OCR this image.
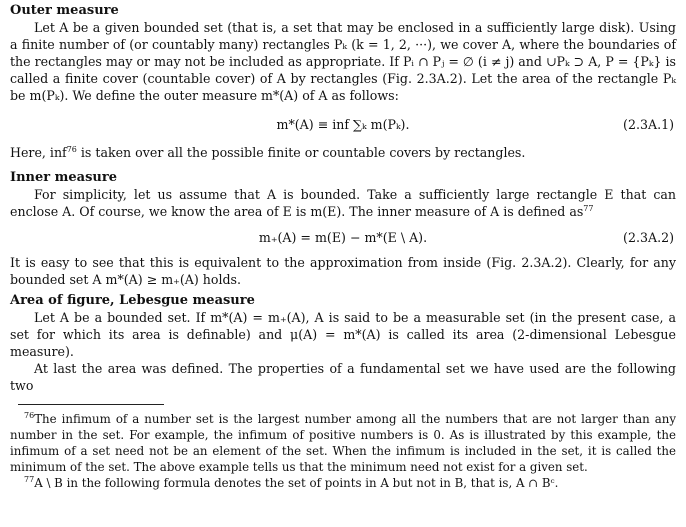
Outer measure

Let A be a given bounded set (that is, a set that may be enclosed in a sufficiently large disk). Using a finite number of (or countably many) rectangles Pₖ (k = 1, 2, ···), we cover A, where the boundaries of the rectangles may or may not be included as appropriate. If Pᵢ ∩ Pⱼ = ∅ (i ≠ j) and ∪Pₖ ⊃ A, P = {Pₖ} is called a finite cover (countable cover) of A by rectangles (Fig. 2.3A.2). Let the area of the rectangle Pₖ be m(Pₖ). We define the outer measure m*(A) of A as follows:

m*(A) ≡ inf ∑ₖ m(Pₖ).	(2.3A.1)

Here, inf$^{76}$ is taken over all the possible finite or countable covers by rectangles.

Inner measure

For simplicity, let us assume that A is bounded. Take a sufficiently large rectangle E that can enclose A. Of course, we know the area of E is m(E). The inner measure of A is defined $as^{77}$

m₊(A) = m(E) − m*(E \ A).	(2.3A.2)

It is easy to see that this is equivalent to the approximation from inside (Fig. 2.3A.2). Clearly, for any bounded set A m*(A) ≥ m₊(A) holds.

Area of figure, Lebesgue measure

Let A be a bounded set. If m*(A) = m₊(A), A is said to be a measurable set (in the present case, a set for which its area is definable) and μ(A) = m*(A) is called its area (2-dimensional Lebesgue measure).

At last the area was defined. The properties of a fundamental set we have used are the following two

$^{76}$The infimum of a number set is the largest number among all the numbers that are not larger than any number in the set. For example, the infimum of positive numbers is 0. As is illustrated by this example, the infimum of a set need not be an element of the set. When the infimum is included in the set, it is called the minimum of the set. The above example tells us that the minimum need not exist for a given set.

$^{77}$A \ B in the following formula denotes the set of points in A but not in B, that is, A ∩ Bᶜ.
